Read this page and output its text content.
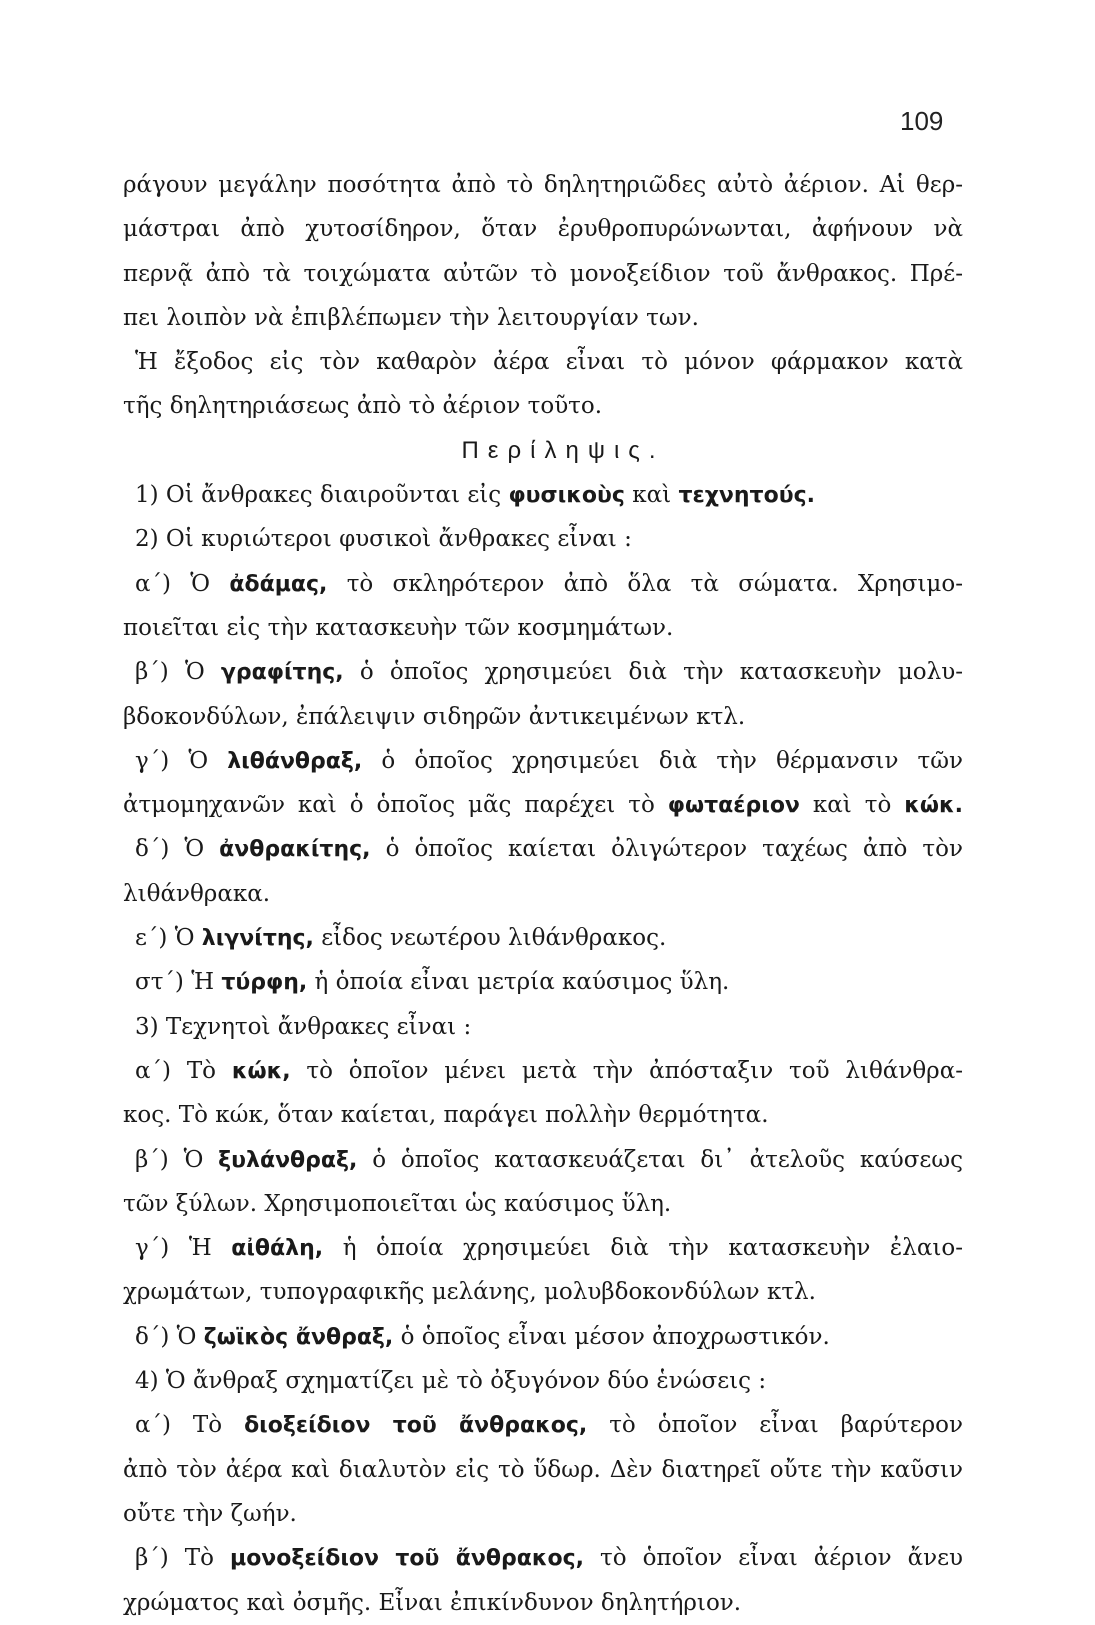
109
ράγουν μεγάλην ποσότητα ἀπὸ τὸ δηλητηριῶδες αὐτὸ ἀέριον. Αἱ θερ-
μάστραι ἀπὸ χυτοσίδηρον, ὅταν ἐρυθροπυρώνωνται, ἀφήνουν νὰ
περνᾷ ἀπὸ τὰ τοιχώματα αὐτῶν τὸ μονοξείδιον τοῦ ἄνθρακος. Πρέ-
πει λοιπὸν νὰ ἐπιβλέπωμεν τὴν λειτουργίαν των.
Ἡ ἔξοδος εἰς τὸν καθαρὸν ἀέρα εἶναι τὸ μόνον φάρμακον κατὰ
τῆς δηλητηριάσεως ἀπὸ τὸ ἀέριον τοῦτο.
Περίληψις.
1) Οἱ ἄνθρακες διαιροῦνται εἰς φυσικοὺς καὶ τεχνητούς.
2) Οἱ κυριώτεροι φυσικοὶ ἄνθρακες εἶναι :
α΄) Ὁ ἀδάμας, τὸ σκληρότερον ἀπὸ ὅλα τὰ σώματα. Χρησιμο-
ποιεῖται εἰς τὴν κατασκευὴν τῶν κοσμημάτων.
β΄) Ὁ γραφίτης, ὁ ὁποῖος χρησιμεύει διὰ τὴν κατασκευὴν μολυ-
βδοκονδύλων, ἐπάλειψιν σιδηρῶν ἀντικειμένων κτλ.
γ΄) Ὁ λιθάνθραξ, ὁ ὁποῖος χρησιμεύει διὰ τὴν θέρμανσιν τῶν
ἀτμομηχανῶν καὶ ὁ ὁποῖος μᾶς παρέχει τὸ φωταέριον καὶ τὸ κώκ.
δ΄) Ὁ ἀνθρακίτης, ὁ ὁποῖος καίεται ὀλιγώτερον ταχέως ἀπὸ τὸν
λιθάνθρακα.
ε΄) Ὁ λιγνίτης, εἶδος νεωτέρου λιθάνθρακος.
στ΄) Ἡ τύρφη, ἡ ὁποία εἶναι μετρία καύσιμος ὕλη.
3) Τεχνητοὶ ἄνθρακες εἶναι :
α΄) Τὸ κώκ, τὸ ὁποῖον μένει μετὰ τὴν ἀπόσταξιν τοῦ λιθάνθρα-
κος. Τὸ κώκ, ὅταν καίεται, παράγει πολλὴν θερμότητα.
β΄) Ὁ ξυλάνθραξ, ὁ ὁποῖος κατασκευάζεται δι᾽ ἀτελοῦς καύσεως
τῶν ξύλων. Χρησιμοποιεῖται ὡς καύσιμος ὕλη.
γ΄) Ἡ αἰθάλη, ἡ ὁποία χρησιμεύει διὰ τὴν κατασκευὴν ἐλαιο-
χρωμάτων, τυπογραφικῆς μελάνης, μολυβδοκονδύλων κτλ.
δ΄) Ὁ ζωϊκὸς ἄνθραξ, ὁ ὁποῖος εἶναι μέσον ἀποχρωστικόν.
4) Ὁ ἄνθραξ σχηματίζει μὲ τὸ ὀξυγόνον δύο ἑνώσεις :
α΄) Τὸ διοξείδιον τοῦ ἄνθρακος, τὸ ὁποῖον εἶναι βαρύτερον
ἀπὸ τὸν ἀέρα καὶ διαλυτὸν εἰς τὸ ὕδωρ. Δὲν διατηρεῖ οὔτε τὴν καῦσιν
οὔτε τὴν ζωήν.
β΄) Τὸ μονοξείδιον τοῦ ἄνθρακος, τὸ ὁποῖον εἶναι ἀέριον ἄνευ
χρώματος καὶ ὀσμῆς. Εἶναι ἐπικίνδυνον δηλητήριον.
